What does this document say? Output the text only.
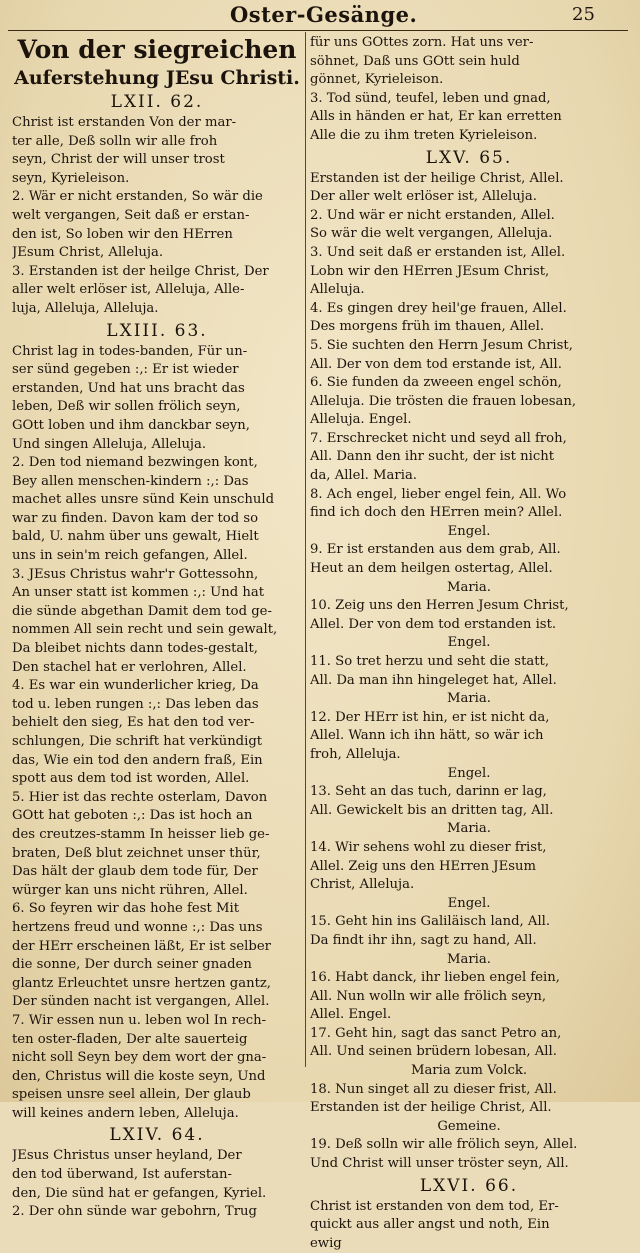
Oster-Gesänge.	25

Von der siegreichen

Auferstehung JEsu Christi.

LXII. 62.

Christ ist erstanden Von der mar-

ter alle, Deß solln wir alle froh

seyn, Christ der will unser trost

seyn, Kyrieleison.

2. Wär er nicht erstanden, So wär die

welt vergangen, Seit daß er erstan-

den ist, So loben wir den HErren

JEsum Christ, Alleluja.

3. Erstanden ist der heilge Christ, Der

aller welt erlöser ist, Alleluja, Alle-

luja, Alleluja, Alleluja.

LXIII. 63.

Christ lag in todes-banden, Für un-

ser sünd gegeben :,: Er ist wieder

erstanden, Und hat uns bracht das

leben, Deß wir sollen frölich seyn,

GOtt loben und ihm danckbar seyn,

Und singen Alleluja, Alleluja.

2. Den tod niemand bezwingen kont,

Bey allen menschen-kindern :,: Das

machet alles unsre sünd Kein unschuld

war zu finden. Davon kam der tod so

bald, U. nahm über uns gewalt, Hielt

uns in sein'm reich gefangen, Allel.

3. JEsus Christus wahr'r Gottessohn,

An unser statt ist kommen :,: Und hat

die sünde abgethan Damit dem tod ge-

nommen All sein recht und sein gewalt,

Da bleibet nichts dann todes-gestalt,

Den stachel hat er verlohren, Allel.

4. Es war ein wunderlicher krieg, Da

tod u. leben rungen :,: Das leben das

behielt den sieg, Es hat den tod ver-

schlungen, Die schrift hat verkündigt

das, Wie ein tod den andern fraß, Ein

spott aus dem tod ist worden, Allel.

5. Hier ist das rechte osterlam, Davon

GOtt hat geboten :,: Das ist hoch an

des creutzes-stamm In heisser lieb ge-

braten, Deß blut zeichnet unser thür,

Das hält der glaub dem tode für, Der

würger kan uns nicht rühren, Allel.

6. So feyren wir das hohe fest Mit

hertzens freud und wonne :,: Das uns

der HErr erscheinen läßt, Er ist selber

die sonne, Der durch seiner gnaden

glantz Erleuchtet unsre hertzen gantz,

Der sünden nacht ist vergangen, Allel.

7. Wir essen nun u. leben wol In rech-

ten oster-fladen, Der alte sauerteig

nicht soll Seyn bey dem wort der gna-

den, Christus will die koste seyn, Und

speisen unsre seel allein, Der glaub

will keines andern leben, Alleluja.

LXIV. 64.

JEsus Christus unser heyland, Der

den tod überwand, Ist auferstan-

den, Die sünd hat er gefangen, Kyriel.

2. Der ohn sünde war gebohrn, Trug

für uns GOttes zorn. Hat uns ver-

söhnet, Daß uns GOtt sein huld

gönnet, Kyrieleison.

3. Tod sünd, teufel, leben und gnad,

Alls in händen er hat, Er kan erretten

Alle die zu ihm treten Kyrieleison.

LXV. 65.

Erstanden ist der heilige Christ, Allel.

Der aller welt erlöser ist, Alleluja.

2. Und wär er nicht erstanden, Allel.

So wär die welt vergangen, Alleluja.

3. Und seit daß er erstanden ist, Allel.

Lobn wir den HErren JEsum Christ,

Alleluja.

4. Es gingen drey heil'ge frauen, Allel.

Des morgens früh im thauen, Allel.

5. Sie suchten den Herrn Jesum Christ,

All. Der von dem tod erstande ist, All.

6. Sie funden da zweeen engel schön,

Alleluja. Die trösten die frauen lobesan,

Alleluja. Engel.

7. Erschrecket nicht und seyd all froh,

All. Dann den ihr sucht, der ist nicht

da, Allel. Maria.

8. Ach engel, lieber engel fein, All. Wo

find ich doch den HErren mein? Allel.

Engel.

9. Er ist erstanden aus dem grab, All.

Heut an dem heilgen ostertag, Allel.

Maria.

10. Zeig uns den Herren Jesum Christ,

Allel. Der von dem tod erstanden ist.

Engel.

11. So tret herzu und seht die statt,

All. Da man ihn hingeleget hat, Allel.

Maria.

12. Der HErr ist hin, er ist nicht da,

Allel. Wann ich ihn hätt, so wär ich

froh, Alleluja.

Engel.

13. Seht an das tuch, darinn er lag,

All. Gewickelt bis an dritten tag, All.

Maria.

14. Wir sehens wohl zu dieser frist,

Allel. Zeig uns den HErren JEsum

Christ, Alleluja.

Engel.

15. Geht hin ins Galiläisch land, All.

Da findt ihr ihn, sagt zu hand, All.

Maria.

16. Habt danck, ihr lieben engel fein,

All. Nun wolln wir alle frölich seyn,

Allel. Engel.

17. Geht hin, sagt das sanct Petro an,

All. Und seinen brüdern lobesan, All.

Maria zum Volck.

18. Nun singet all zu dieser frist, All.

Erstanden ist der heilige Christ, All.

Gemeine.

19. Deß solln wir alle frölich seyn, Allel.

Und Christ will unser tröster seyn, All.

LXVI. 66.

Christ ist erstanden von dem tod, Er-

quickt aus aller angst und noth, Ein

ewig
